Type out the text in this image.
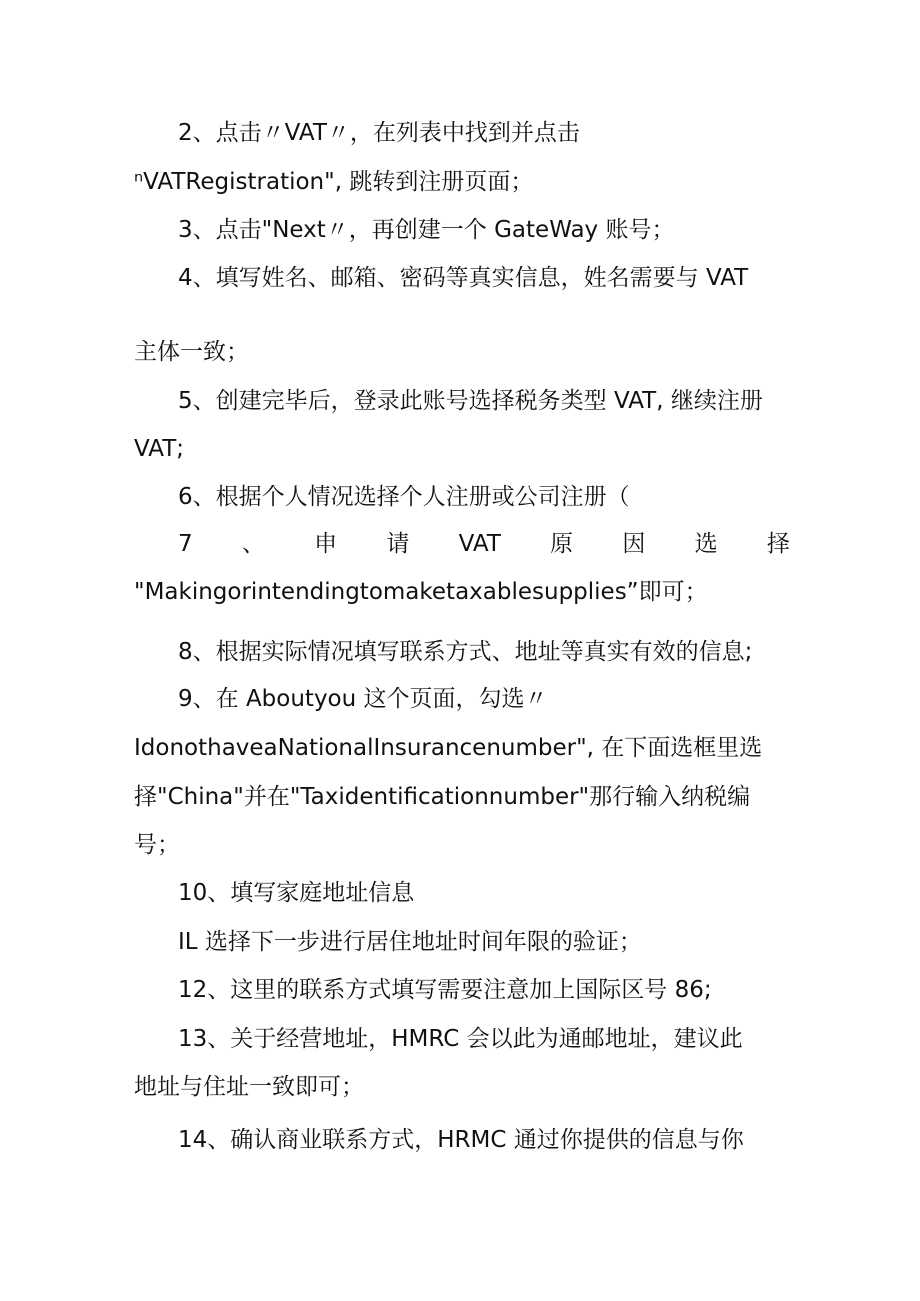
2、点击〃VAT〃，在列表中找到并点击
ⁿVATRegistration", 跳转到注册页面；
3、点击"Next〃，再创建一个 GateWay 账号；
4、填写姓名、邮箱、密码等真实信息，姓名需要与 VAT
主体一致；
5、创建完毕后，登录此账号选择税务类型 VAT, 继续注册
VAT;
6、根据个人情况选择个人注册或公司注册（
7 、 申 请 VAT 原 因 选 择
"Makingorintendingtomaketaxablesupplies”即可；
8、根据实际情况填写联系方式、地址等真实有效的信息;
9、在 Aboutyou 这个页面，勾选〃
IdonothaveaNationalInsurancenumber", 在下面选框里选
择"China"并在"Taxidentificationnumber"那行输入纳税编
号；
10、填写家庭地址信息
IL 选择下一步进行居住地址时间年限的验证；
12、这里的联系方式填写需要注意加上国际区号 86;
13、关于经营地址，HMRC 会以此为通邮地址，建议此
地址与住址一致即可；
14、确认商业联系方式，HRMC 通过你提供的信息与你
